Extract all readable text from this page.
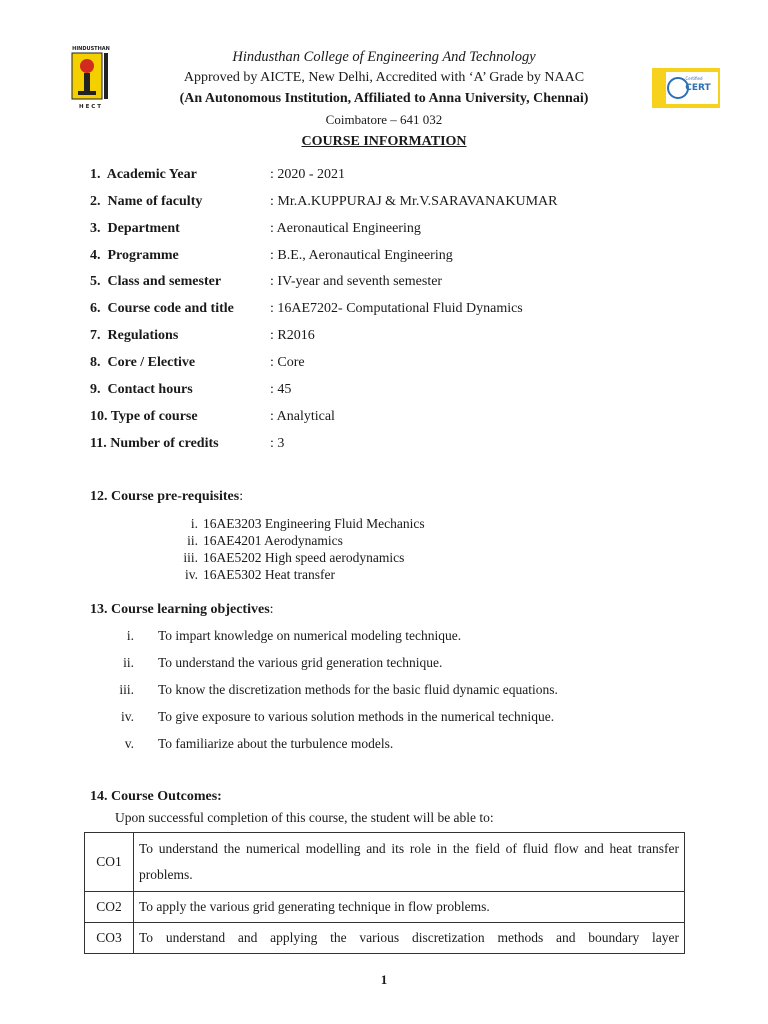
HINDUSTHAN
H E C T
Certified
CERT
Hindusthan College of Engineering And Technology
Approved by AICTE, New Delhi, Accredited with ‘A’ Grade by NAAC
(An Autonomous Institution, Affiliated to Anna University, Chennai)
Coimbatore – 641 032
COURSE INFORMATION
1. Academic Year	: 2020 - 2021
2. Name of faculty	: Mr.A.KUPPURAJ & Mr.V.SARAVANAKUMAR
3. Department	: Aeronautical Engineering
4. Programme	: B.E., Aeronautical Engineering
5. Class and semester	: IV-year and seventh semester
6. Course code and title	: 16AE7202- Computational Fluid Dynamics
7. Regulations	: R2016
8. Core / Elective	: Core
9. Contact hours	: 45
10. Type of course	: Analytical
11. Number of credits	: 3
12. Course pre-requisites:
i. 16AE3203 Engineering Fluid Mechanics
ii. 16AE4201 Aerodynamics
iii. 16AE5202 High speed aerodynamics
iv. 16AE5302 Heat transfer
13. Course learning objectives:
i. To impart knowledge on numerical modeling technique.
ii. To understand the various grid generation technique.
iii. To know the discretization methods for the basic fluid dynamic equations.
iv. To give exposure to various solution methods in the numerical technique.
v. To familiarize about the turbulence models.
14. Course Outcomes:
Upon successful completion of this course, the student will be able to:
CO1	To understand the numerical modelling and its role in the field of fluid flow and heat transfer problems.
CO2	To apply the various grid generating technique in flow problems.
CO3	To understand and applying the various discretization methods and boundary layer
1
